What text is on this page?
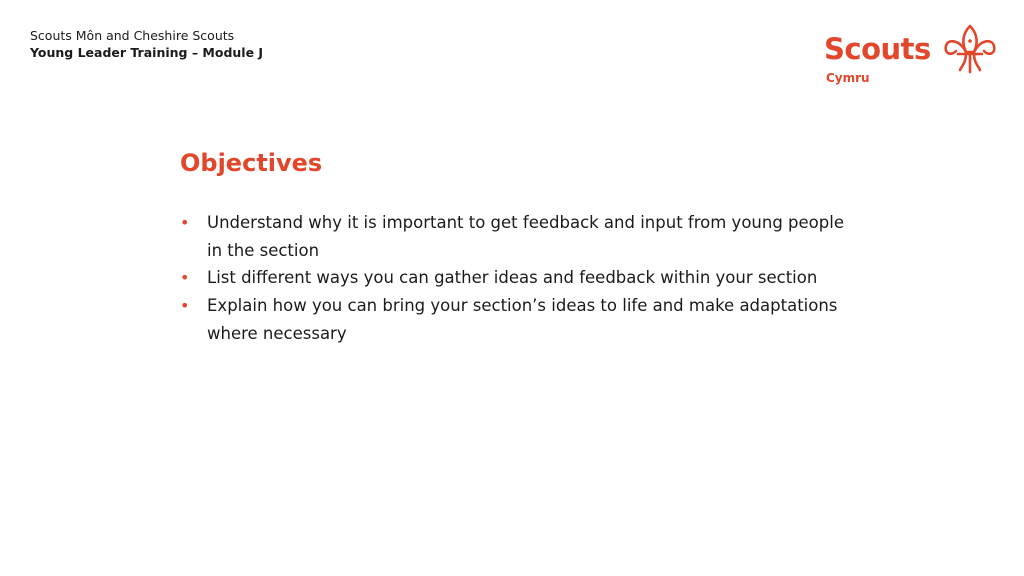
Scouts Môn and Cheshire Scouts
Young Leader Training – Module J	Scouts
Cymru
Objectives
• Understand why it is important to get feedback and input from young people in the section
• List different ways you can gather ideas and feedback within your section
• Explain how you can bring your section’s ideas to life and make adaptations where necessary
